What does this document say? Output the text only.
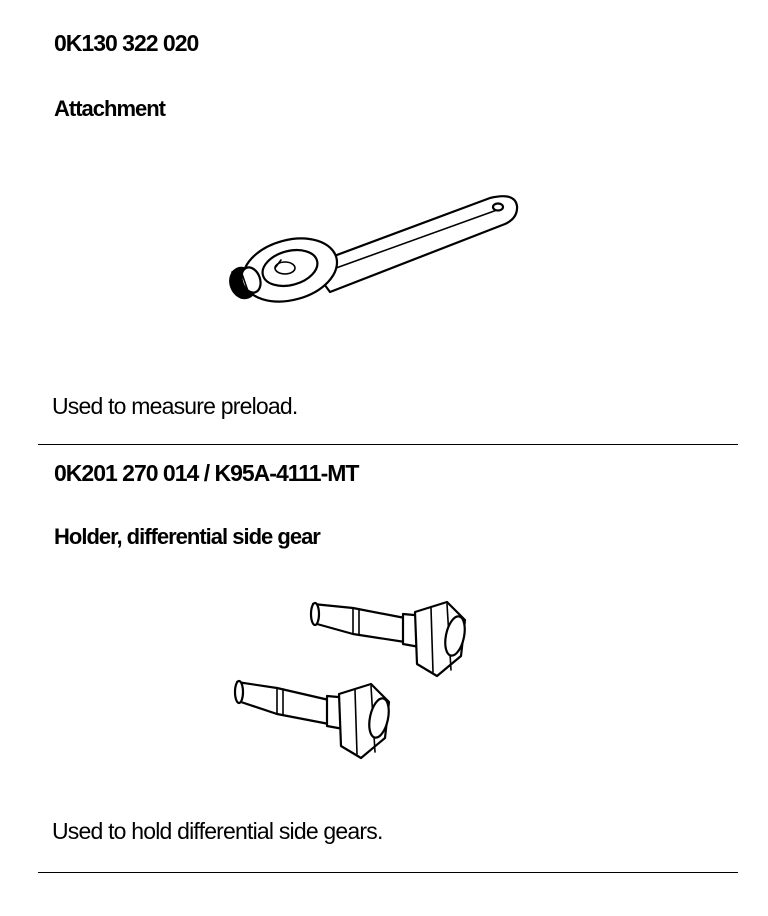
0K130 322 020
Attachment
Used to measure preload.
0K201 270 014 / K95A-4111-MT
Holder, differential side gear
Used to hold differential side gears.
